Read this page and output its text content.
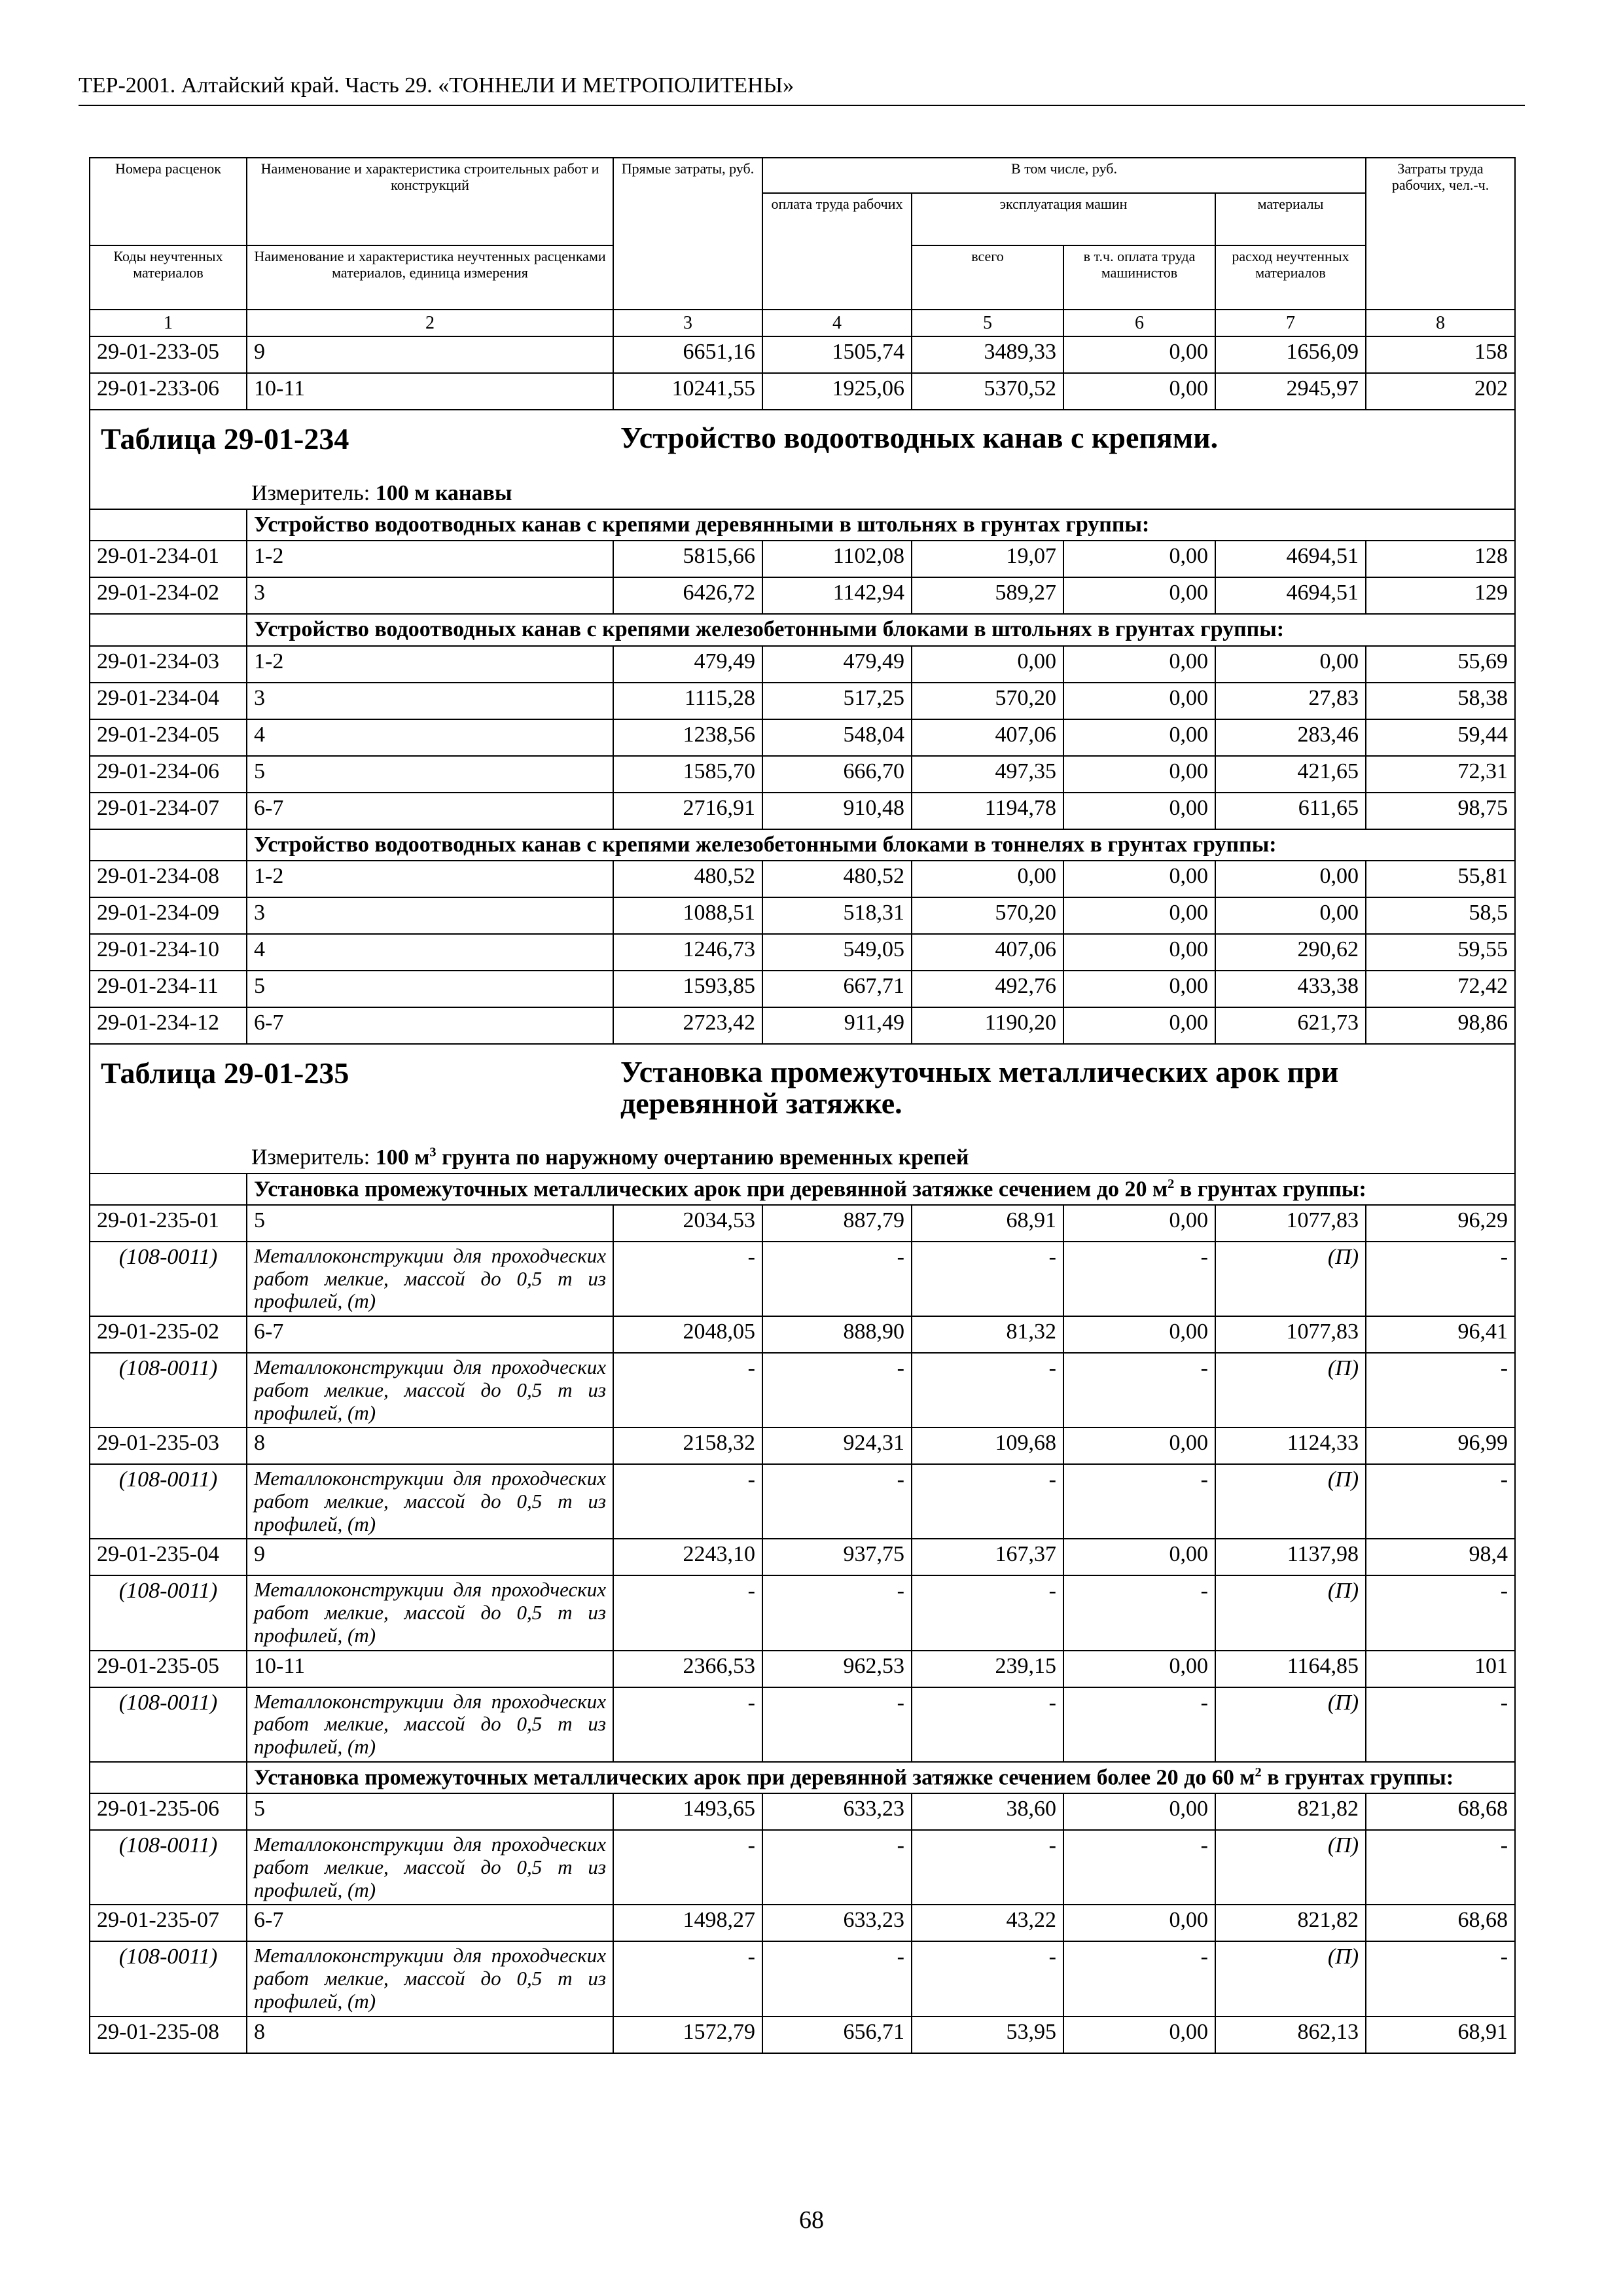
ТЕР-2001. Алтайский край. Часть 29. «ТОННЕЛИ И МЕТРОПОЛИТЕНЫ»
Номера расценок	Наименование и характеристика строительных работ и конструкций	Прямые затраты, руб.	В том числе, руб.				Затраты труда рабочих, чел.-ч.
			оплата труда рабочих	эксплуатация машин		материалы	
Коды неучтенных материалов	Наименование и характеристика неучтенных расценками материалов, единица измерения			всего	в т.ч. оплата труда машинистов	расход неучтенных материалов	
1	2	3	4	5	6	7	8
29-01-233-05	9	6651,16	1505,74	3489,33	0,00	1656,09	158
29-01-233-06	10-11	10241,55	1925,06	5370,52	0,00	2945,97	202

Таблица 29-01-234 Устройство водоотводных канав с крепями.
Измеритель: 100 м канавы							

	Устройство водоотводных канав с крепями деревянными в штольнях в грунтах группы:						
29-01-234-01	1-2	5815,66	1102,08	19,07	0,00	4694,51	128
29-01-234-02	3	6426,72	1142,94	589,27	0,00	4694,51	129
	Устройство водоотводных канав с крепями железобетонными блоками в штольнях в грунтах группы:						
29-01-234-03	1-2	479,49	479,49	0,00	0,00	0,00	55,69
29-01-234-04	3	1115,28	517,25	570,20	0,00	27,83	58,38
29-01-234-05	4	1238,56	548,04	407,06	0,00	283,46	59,44
29-01-234-06	5	1585,70	666,70	497,35	0,00	421,65	72,31
29-01-234-07	6-7	2716,91	910,48	1194,78	0,00	611,65	98,75
	Устройство водоотводных канав с крепями железобетонными блоками в тоннелях в грунтах группы:						
29-01-234-08	1-2	480,52	480,52	0,00	0,00	0,00	55,81
29-01-234-09	3	1088,51	518,31	570,20	0,00	0,00	58,5
29-01-234-10	4	1246,73	549,05	407,06	0,00	290,62	59,55
29-01-234-11	5	1593,85	667,71	492,76	0,00	433,38	72,42
29-01-234-12	6-7	2723,42	911,49	1190,20	0,00	621,73	98,86

Таблица 29-01-235 Установка промежуточных металлических арок при деревянной затяжке.
Измеритель: 100 $м^3$ грунта по наружному очертанию временных крепей							

	Установка промежуточных металлических арок при деревянной затяжке сечением до 20 $м^2$ в грунтах группы:						
29-01-235-01	5	2034,53	887,79	68,91	0,00	1077,83	96,29
(108-0011)	Металлоконструкции для проходческих работ мелкие, массой до 0,5 т из профилей, (т)	-	-	-	-	(П)	-
29-01-235-02	6-7	2048,05	888,90	81,32	0,00	1077,83	96,41
(108-0011)	Металлоконструкции для проходческих работ мелкие, массой до 0,5 т из профилей, (т)	-	-	-	-	(П)	-
29-01-235-03	8	2158,32	924,31	109,68	0,00	1124,33	96,99
(108-0011)	Металлоконструкции для проходческих работ мелкие, массой до 0,5 т из профилей, (т)	-	-	-	-	(П)	-
29-01-235-04	9	2243,10	937,75	167,37	0,00	1137,98	98,4
(108-0011)	Металлоконструкции для проходческих работ мелкие, массой до 0,5 т из профилей, (т)	-	-	-	-	(П)	-
29-01-235-05	10-11	2366,53	962,53	239,15	0,00	1164,85	101
(108-0011)	Металлоконструкции для проходческих работ мелкие, массой до 0,5 т из профилей, (т)	-	-	-	-	(П)	-
	Установка промежуточных металлических арок при деревянной затяжке сечением более 20 до 60 $м^2$ в грунтах группы:						
29-01-235-06	5	1493,65	633,23	38,60	0,00	821,82	68,68
(108-0011)	Металлоконструкции для проходческих работ мелкие, массой до 0,5 т из профилей, (т)	-	-	-	-	(П)	-
29-01-235-07	6-7	1498,27	633,23	43,22	0,00	821,82	68,68
(108-0011)	Металлоконструкции для проходческих работ мелкие, массой до 0,5 т из профилей, (т)	-	-	-	-	(П)	-
29-01-235-08	8	1572,79	656,71	53,95	0,00	862,13	68,91
68
